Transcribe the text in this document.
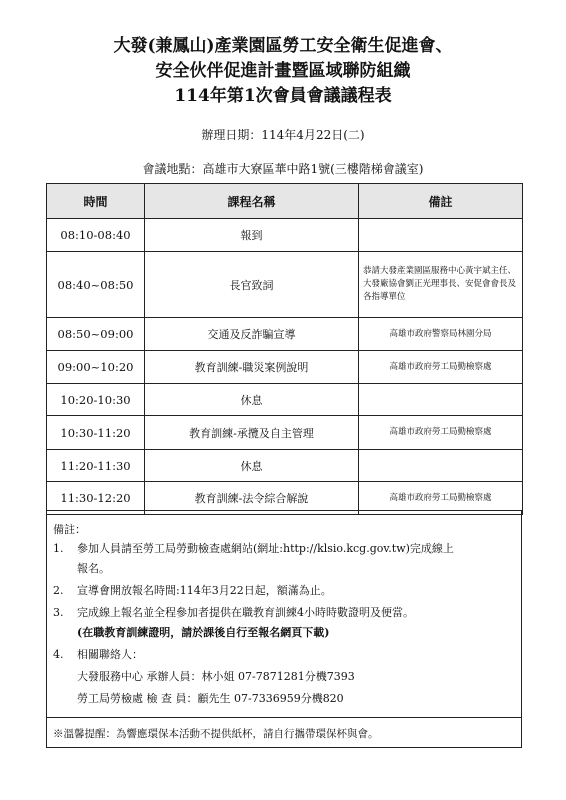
大發(兼鳳山)產業園區勞工安全衛生促進會、
安全伙伴促進計畫暨區域聯防組織
114年第1次會員會議議程表
辦理日期：114年4月22日(二)
會議地點：高雄市大寮區華中路1號(三樓階梯會議室)
時間	課程名稱	備註
08:10-08:40	報到	
08:40~08:50	長官致詞	恭請大發產業園區服務中心黃宇斌主任、大發廠協會劉正光理事長、安促會會長及各指導單位
08:50~09:00	交通及反詐騙宣導	高雄市政府警察局林園分局
09:00~10:20	教育訓練-職災案例說明	高雄市政府勞工局勤檢察處
10:20-10:30	休息	
10:30-11:20	教育訓練-承攬及自主管理	高雄市政府勞工局勤檢察處
11:20-11:30	休息	
11:30-12:20	教育訓練-法令綜合解說	高雄市政府勞工局勤檢察處
備註：
1. 參加人員請至勞工局勞動檢查處網站(網址:http://klsio.kcg.gov.tw)完成線上
報名。
2. 宣導會開放報名時間:114年3月22日起，額滿為止。
3. 完成線上報名並全程參加者提供在職教育訓練4小時時數證明及便當。
(在職教育訓練證明，請於課後自行至報名網頁下載)
4. 相關聯絡人：
大發服務中心 承辦人員：林小姐 07-7871281分機7393
勞工局勞檢處 檢 查 員：顧先生 07-7336959分機820
※溫馨提醒：為響應環保本活動不提供紙杯，請自行攜帶環保杯與會。
